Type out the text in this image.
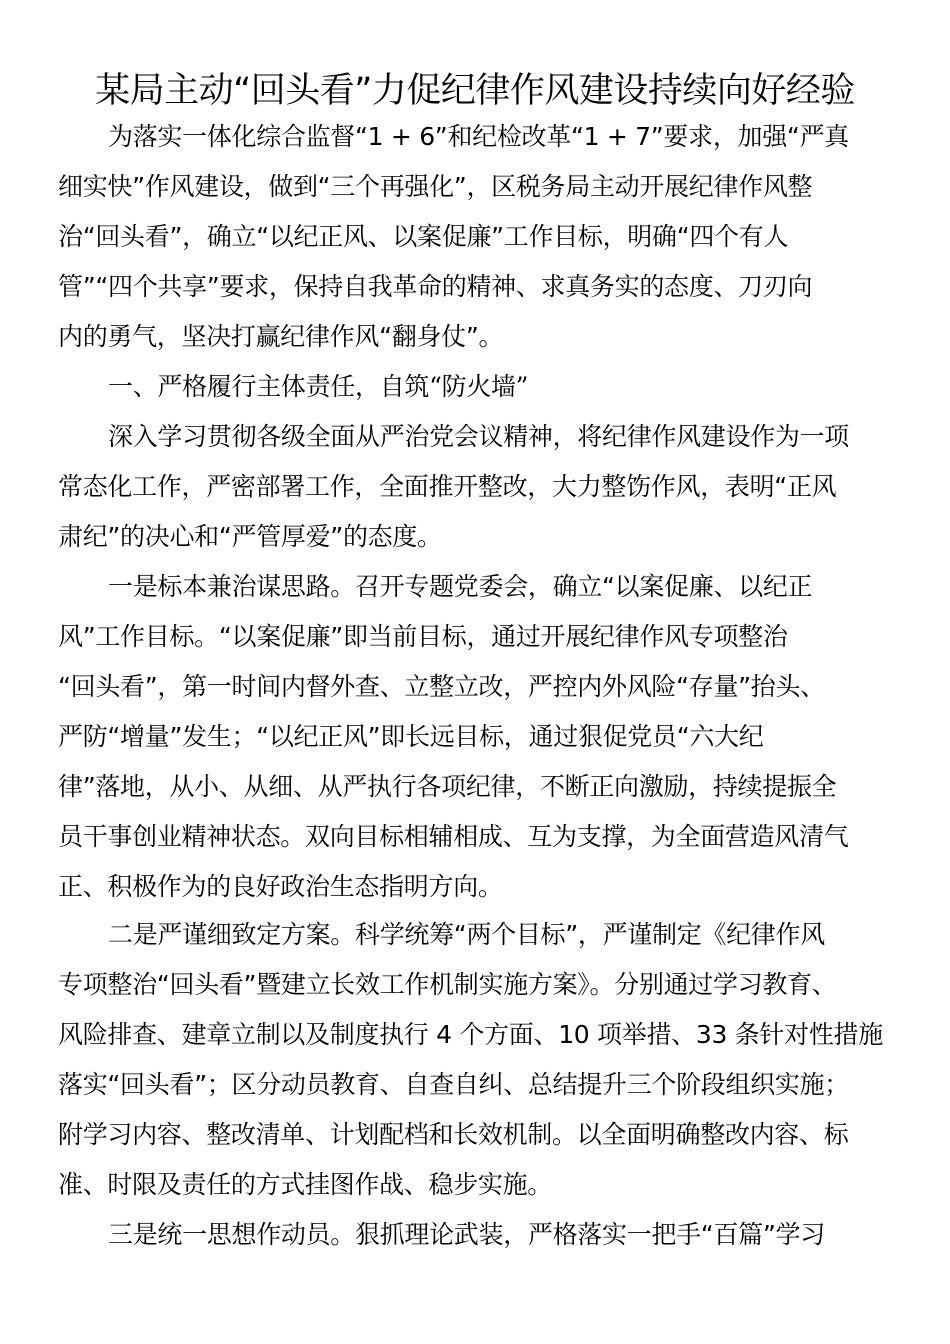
某局主动“回头看”力促纪律作风建设持续向好经验
为落实一体化综合监督“1 + 6”和纪检改革“1 + 7”要求，加强“严真
细实快”作风建设，做到“三个再强化”，区税务局主动开展纪律作风整
治“回头看”，确立“以纪正风、以案促廉”工作目标，明确“四个有人
管”“四个共享”要求，保持自我革命的精神、求真务实的态度、刀刃向
内的勇气，坚决打赢纪律作风“翻身仗”。
一、严格履行主体责任，自筑“防火墙”
深入学习贯彻各级全面从严治党会议精神，将纪律作风建设作为一项
常态化工作，严密部署工作，全面推开整改，大力整饬作风，表明“正风
肃纪”的决心和“严管厚爱”的态度。
一是标本兼治谋思路。召开专题党委会，确立“以案促廉、以纪正
风”工作目标。“以案促廉”即当前目标，通过开展纪律作风专项整治
“回头看”，第一时间内督外查、立整立改，严控内外风险“存量”抬头、
严防“增量”发生；“以纪正风”即长远目标，通过狠促党员“六大纪
律”落地，从小、从细、从严执行各项纪律，不断正向激励，持续提振全
员干事创业精神状态。双向目标相辅相成、互为支撑，为全面营造风清气
正、积极作为的良好政治生态指明方向。
二是严谨细致定方案。科学统筹“两个目标”，严谨制定《纪律作风
专项整治“回头看”暨建立长效工作机制实施方案》。分别通过学习教育、
风险排查、建章立制以及制度执行 4 个方面、10 项举措、33 条针对性措施
落实“回头看”；区分动员教育、自查自纠、总结提升三个阶段组织实施；
附学习内容、整改清单、计划配档和长效机制。以全面明确整改内容、标
准、时限及责任的方式挂图作战、稳步实施。
三是统一思想作动员。狠抓理论武装，严格落实一把手“百篇”学习
